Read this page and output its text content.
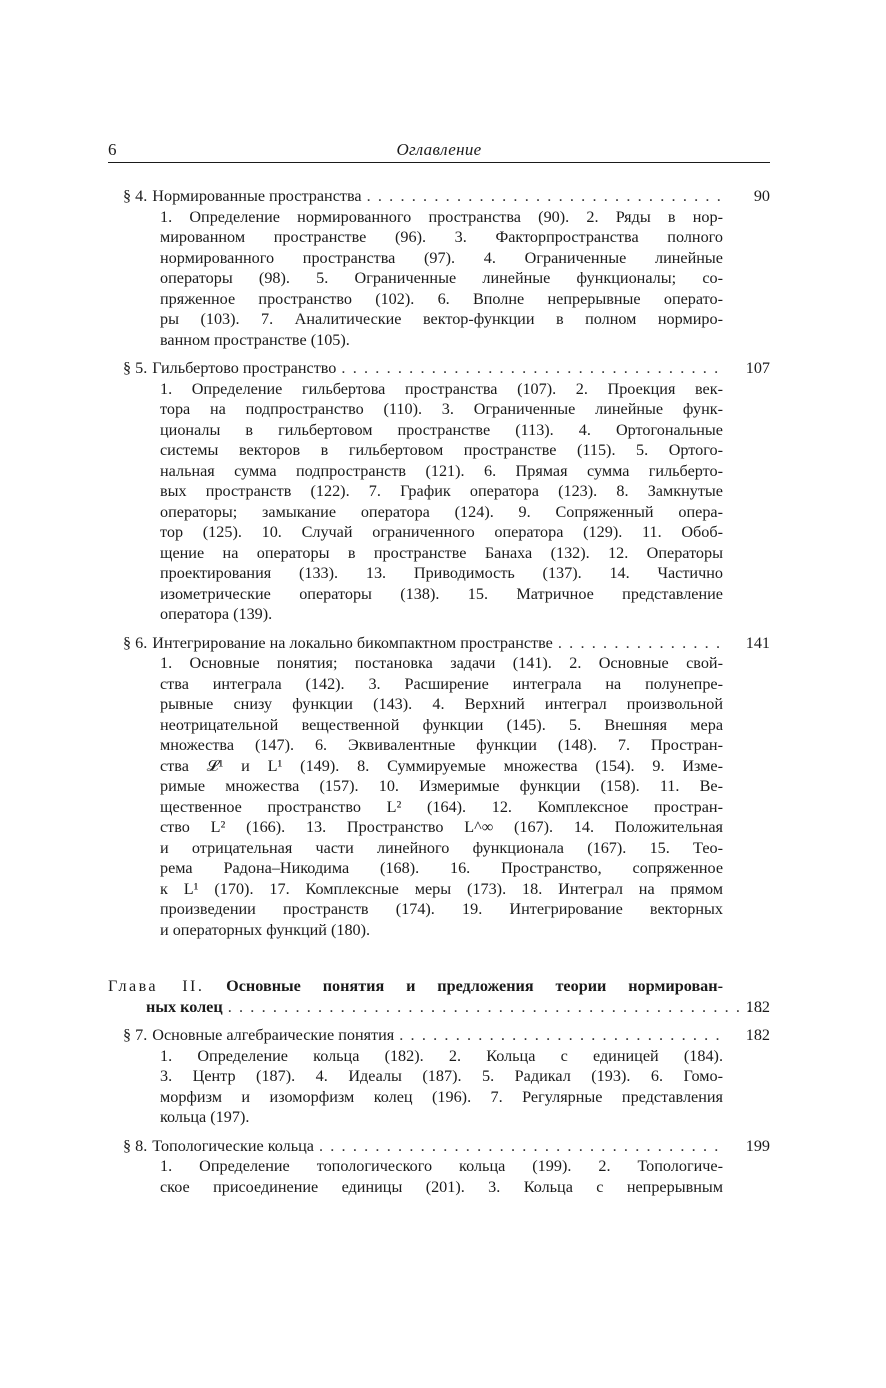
6	Оглавление
§ 4. Нормированные пространства . . .	90
1. Определение нормированного пространства (90). 2. Ряды в нор-
мированном пространстве (96). 3. Факторпространства полного
нормированного пространства (97). 4. Ограниченные линейные
операторы (98). 5. Ограниченные линейные функционалы; со-
пряженное пространство (102). 6. Вполне непрерывные операто-
ры (103). 7. Аналитические вектор-функции в полном нормиро-
ванном пространстве (105).
§ 5. Гильбертово пространство . . .	107
1. Определение гильбертова пространства (107). 2. Проекция век-
тора на подпространство (110). 3. Ограниченные линейные функ-
ционалы в гильбертовом пространстве (113). 4. Ортогональные
системы векторов в гильбертовом пространстве (115). 5. Ортого-
нальная сумма подпространств (121). 6. Прямая сумма гильберто-
вых пространств (122). 7. График оператора (123). 8. Замкнутые
операторы; замыкание оператора (124). 9. Сопряженный опера-
тор (125). 10. Случай ограниченного оператора (129). 11. Обоб-
щение на операторы в пространстве Банаха (132). 12. Операторы
проектирования (133). 13. Приводимость (137). 14. Частично
изометрические операторы (138). 15. Матричное представление
оператора (139).
§ 6. Интегрирование на локально бикомпактном пространстве . . .	141
1. Основные понятия; постановка задачи (141). 2. Основные свой-
ства интеграла (142). 3. Расширение интеграла на полунепре-
рывные снизу функции (143). 4. Верхний интеграл произвольной
неотрицательной вещественной функции (145). 5. Внешняя мера
множества (147). 6. Эквивалентные функции (148). 7. Простран-
ства 𝓛¹ и L¹ (149). 8. Суммируемые множества (154). 9. Изме-
римые множества (157). 10. Измеримые функции (158). 11. Ве-
щественное пространство L² (164). 12. Комплексное простран-
ство L² (166). 13. Пространство L^∞ (167). 14. Положительная
и отрицательная части линейного функционала (167). 15. Тео-
рема Радона–Никодима (168). 16. Пространство, сопряженное
к L¹ (170). 17. Комплексные меры (173). 18. Интеграл на прямом
произведении пространств (174). 19. Интегрирование векторных
и операторных функций (180).
Глава II. Основные понятия и предложения теории нормирован-
ных колец . . .	182
§ 7. Основные алгебраические понятия . . .	182
1. Определение кольца (182). 2. Кольца с единицей (184).
3. Центр (187). 4. Идеалы (187). 5. Радикал (193). 6. Гомо-
морфизм и изоморфизм колец (196). 7. Регулярные представления
кольца (197).
§ 8. Топологические кольца . . .	199
1. Определение топологического кольца (199). 2. Топологиче-
ское присоединение единицы (201). 3. Кольца с непрерывным
